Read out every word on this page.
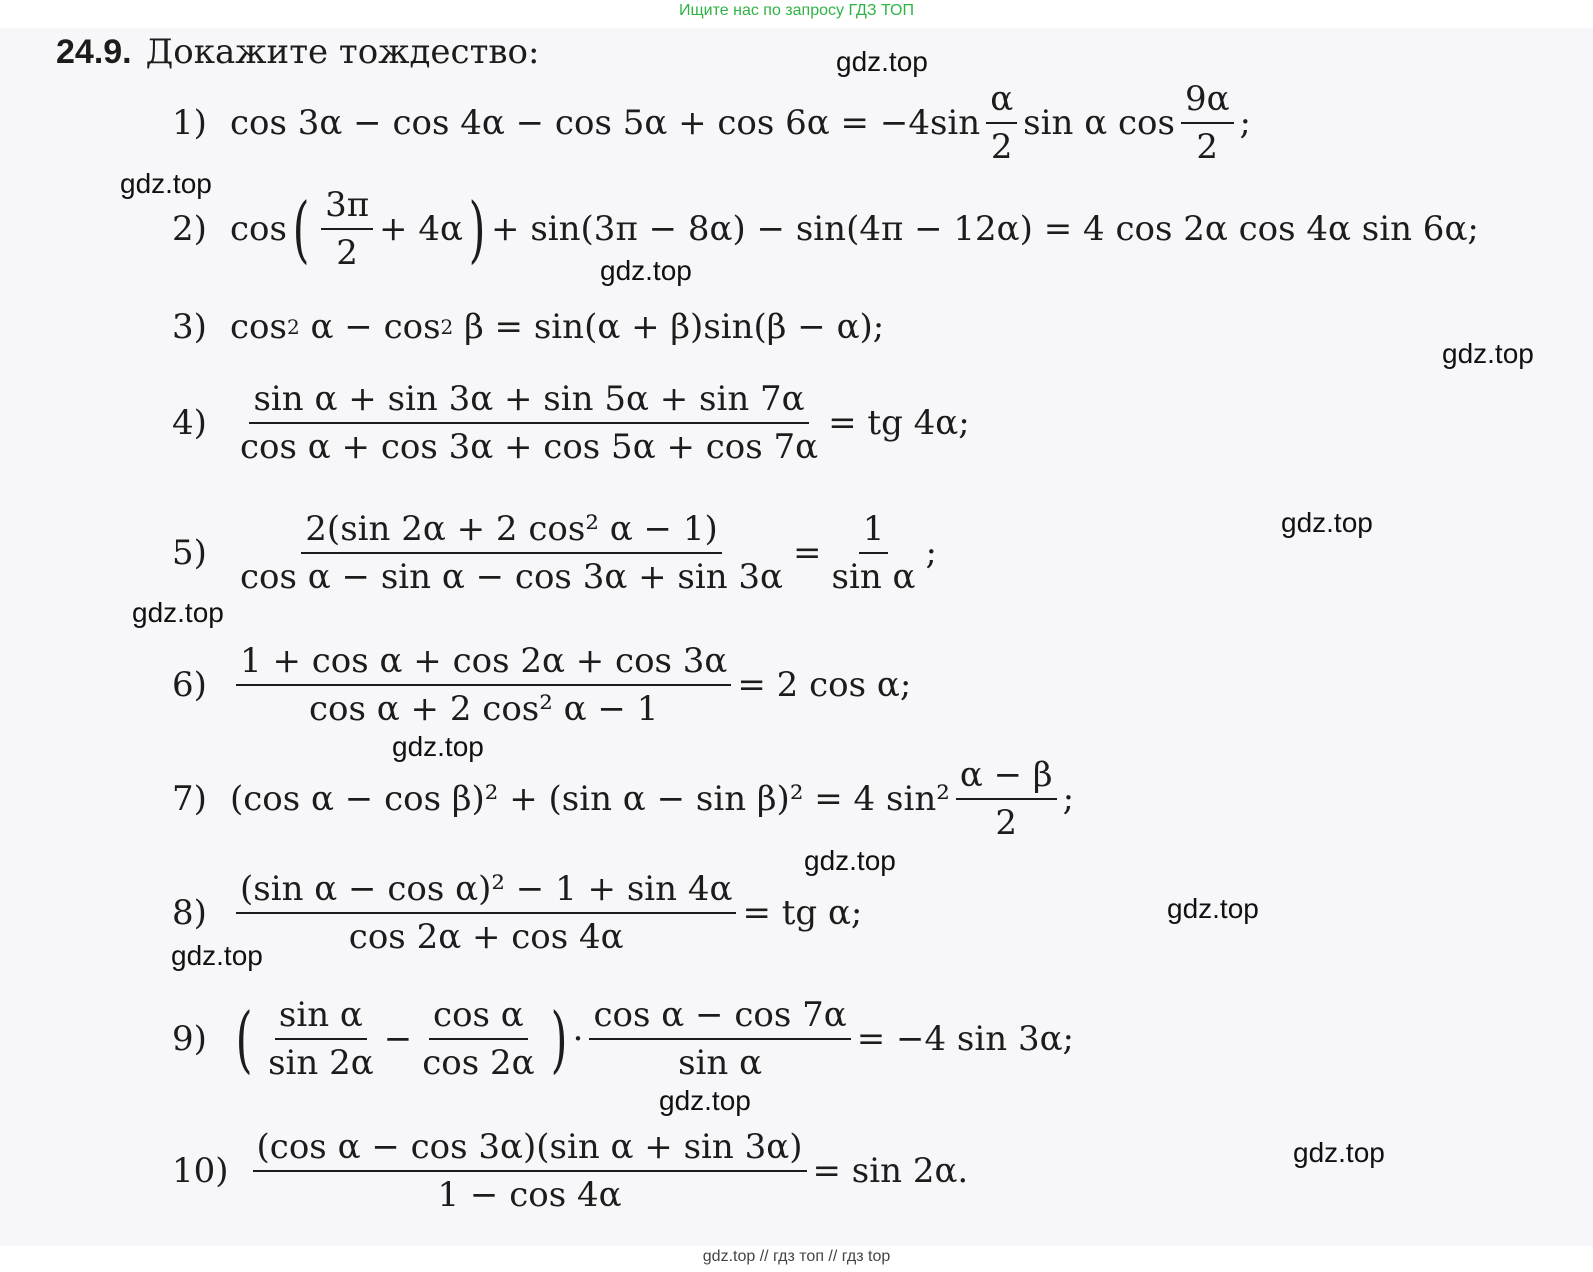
Ищите нас по запросу ГДЗ ТОП
24.9. Докажите тождество:
1) $\cos 3\alpha - \cos 4\alpha - \cos 5\alpha + \cos 6\alpha = -4\sin \frac{\alpha}{2}$ sin α $\cos \frac{9\alpha}{2}$ ;
2) cos ( $\frac{3\pi}{2} + 4\alpha$ ) + sin(3π − 8α) − sin(4π − 12α) = 4 cos 2α cos 4α sin 6α;
3) cos 2
α − cos 2
β = sin(α + β)sin(β − α);
$4) \frac{\text{sin α + sin 3α + sin 5α + sin 7α}}{\text{cos α + cos 3α + cos 5α + cos 7α}}$ = tg 4α;
$5) \frac{\text{2(sin 2α + 2 cos² α − 1)}}{\text{cos α − sin α − cos 3α + sin 3α}} = \frac{1}{\text{sin α}}$ ;
$6) \frac{\text{1 + cos α + cos 2α + cos 3α}}{\text{cos α + 2 cos² α − 1}} = 2$ cos α;
7) (cos α − cos β)² + (sin α − sin β)² = 4 $\sin^2 \frac{\alpha - \beta}{2}$ ;
$8) \frac{\text{(sin α − cos α)² − 1 + sin 4α}}{\cos 2\alpha + \cos 4\alpha}$ = tg α;
9) ( $\frac{\text{sin α}}{\sin 2\alpha} - \frac{\text{cos α}}{\cos 2\alpha}$ ) · $\frac{\text{cos α − cos 7α}}{\text{sin α}} = -4$ sin 3α;
$10) \frac{\text{(cos α − cos 3α)(sin α + sin 3α)}}{1 - \cos 4\alpha} = \sin 2\alpha$.
gdz.top
gdz.top
gdz.top
gdz.top
gdz.top
gdz.top
gdz.top
gdz.top
gdz.top
gdz.top
gdz.top
gdz.top
gdz.top // гдз топ // гдз top
